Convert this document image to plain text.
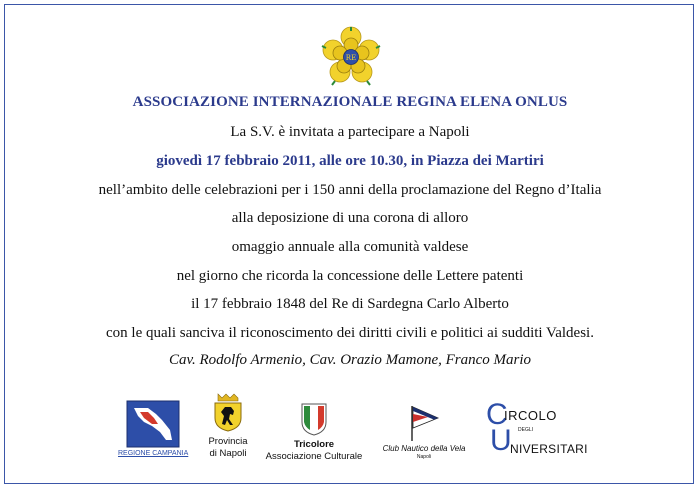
RE
ASSOCIAZIONE INTERNAZIONALE REGINA ELENA ONLUS
La S.V. è invitata a partecipare a Napoli
giovedì 17 febbraio 2011, alle ore 10.30, in Piazza dei Martiri
nell’ambito delle celebrazioni per i 150 anni della proclamazione del Regno d’Italia
alla deposizione di una corona di alloro
omaggio annuale alla comunità valdese
nel giorno che ricorda la concessione delle Lettere patenti
il 17 febbraio 1848 del Re di Sardegna Carlo Alberto
con le quali sanciva il riconoscimento dei diritti civili e politici ai sudditi Valdesi.
Cav. Rodolfo Armenio, Cav. Orazio Mamone, Franco Mario
REGIONE CAMPANIA
Provincia
di Napoli
Tricolore
Associazione Culturale
Club Nautico della Vela
Napoli
C
IRCOLO
DEGLI
U
NIVERSITARI
